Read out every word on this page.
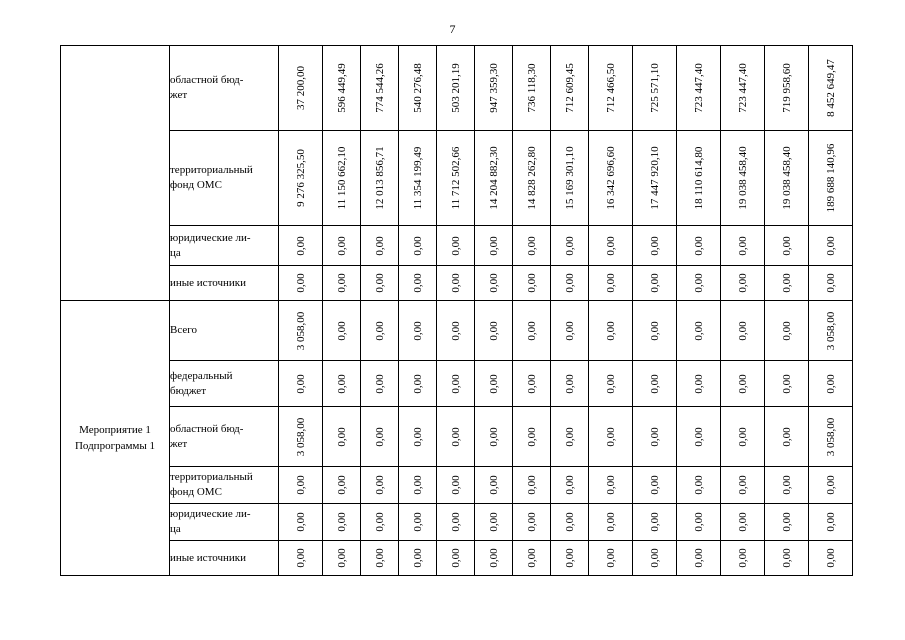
7
	областной бюд-
жет	37 200,00	596 449,49	774 544,26	540 276,48	503 201,19	947 359,30	736 118,30	712 609,45	712 466,50	725 571,10	723 447,40	723 447,40	719 958,60	8 452 649,47

	территориальный
фонд ОМС	9 276 325,50	11 150 662,10	12 013 856,71	11 354 199,49	11 712 502,66	14 204 882,30	14 828 262,80	15 169 301,10	16 342 696,60	17 447 920,10	18 110 614,80	19 038 458,40	19 038 458,40	189 688 140,96

	юридические ли-
ца	0,00	0,00	0,00	0,00	0,00	0,00	0,00	0,00	0,00	0,00	0,00	0,00	0,00	0,00

	иные источники	0,00	0,00	0,00	0,00	0,00	0,00	0,00	0,00	0,00	0,00	0,00	0,00	0,00	0,00

Мероприятие 1
Подпрограммы 1	Всего	3 058,00	0,00	0,00	0,00	0,00	0,00	0,00	0,00	0,00	0,00	0,00	0,00	0,00	3 058,00

	федеральный
бюджет	0,00	0,00	0,00	0,00	0,00	0,00	0,00	0,00	0,00	0,00	0,00	0,00	0,00	0,00

	областной бюд-
жет	3 058,00	0,00	0,00	0,00	0,00	0,00	0,00	0,00	0,00	0,00	0,00	0,00	0,00	3 058,00

	территориальный
фонд ОМС	0,00	0,00	0,00	0,00	0,00	0,00	0,00	0,00	0,00	0,00	0,00	0,00	0,00	0,00

	юридические ли-
ца	0,00	0,00	0,00	0,00	0,00	0,00	0,00	0,00	0,00	0,00	0,00	0,00	0,00	0,00

	иные источники	0,00	0,00	0,00	0,00	0,00	0,00	0,00	0,00	0,00	0,00	0,00	0,00	0,00	0,00
